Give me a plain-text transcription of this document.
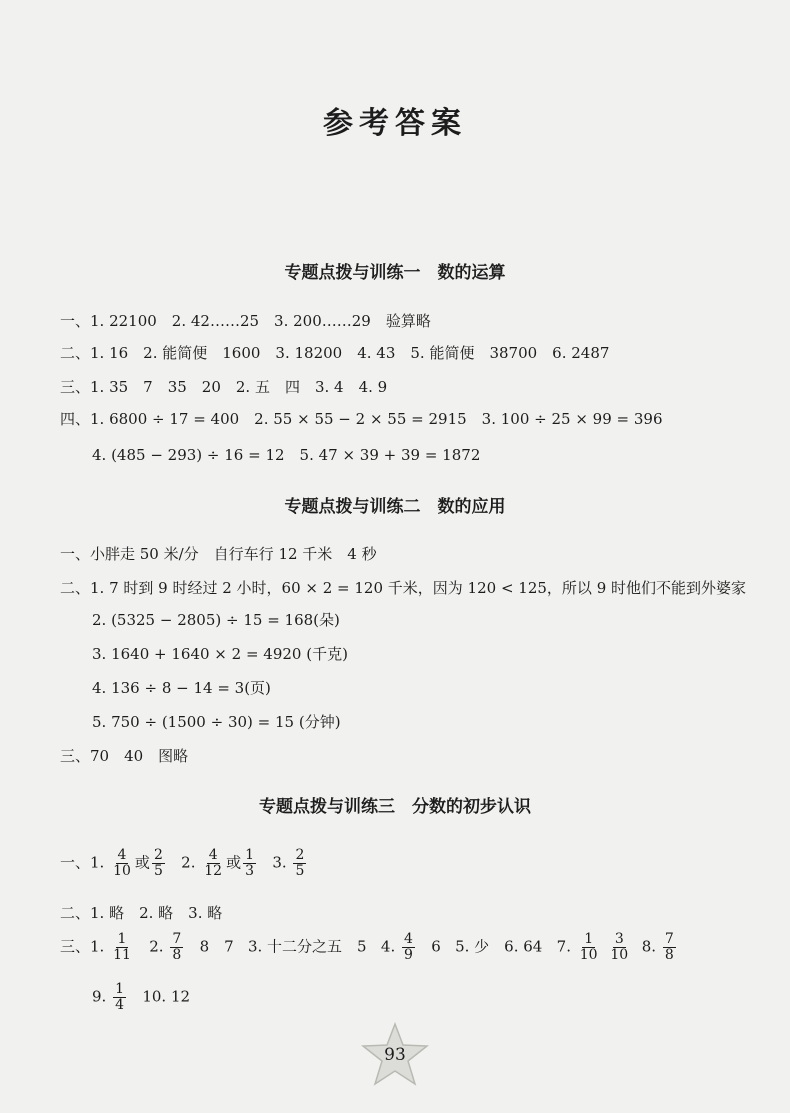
参考答案
专题点拨与训练一　数的运算
一、1. 22100　2. 42……25　3. 200……29　验算略
二、1. 16　2. 能简便　1600　3. 18200　4. 43　5. 能简便　38700　6. 2487
三、1. 35　7　35　20　2. 五　四　3. 4　4. 9
四、1. 6800 ÷ 17 = 400　2. 55 × 55 − 2 × 55 = 2915　3. 100 ÷ 25 × 99 = 396
4. (485 − 293) ÷ 16 = 12　5. 47 × 39 + 39 = 1872
专题点拨与训练二　数的应用
一、小胖走 50 米/分　自行车行 12 千米　4 秒
二、1. 7 时到 9 时经过 2 小时，60 × 2 = 120 千米，因为 120 < 125，所以 9 时他们不能到外婆家
2. (5325 − 2805) ÷ 15 = 168(朵)
3. 1640 + 1640 × 2 = 4920 (千克)
4. 136 ÷ 8 − 14 = 3(页)
5. 750 ÷ (1500 ÷ 30) = 15 (分钟)
三、70　40　图略
专题点拨与训练三　分数的初步认识
一、1. $\frac{4}{10}$ 或 $\frac{2}{5} 2$. $\frac{4}{12}$ 或 $\frac{1}{3} 3$. $\frac{2}{5}$
二、1. 略　2. 略　3. 略
三、1. $\frac{1}{11} 2$. $\frac{7}{8} 8$　7 3. 十二分之五　5 4. $\frac{4}{9} 6$ 5. 少　6. 64 7. $\frac{1}{10}$
$\frac{3}{10} 8$. $\frac{7}{8}$
9. $\frac{1}{4} 10$. 12
93
